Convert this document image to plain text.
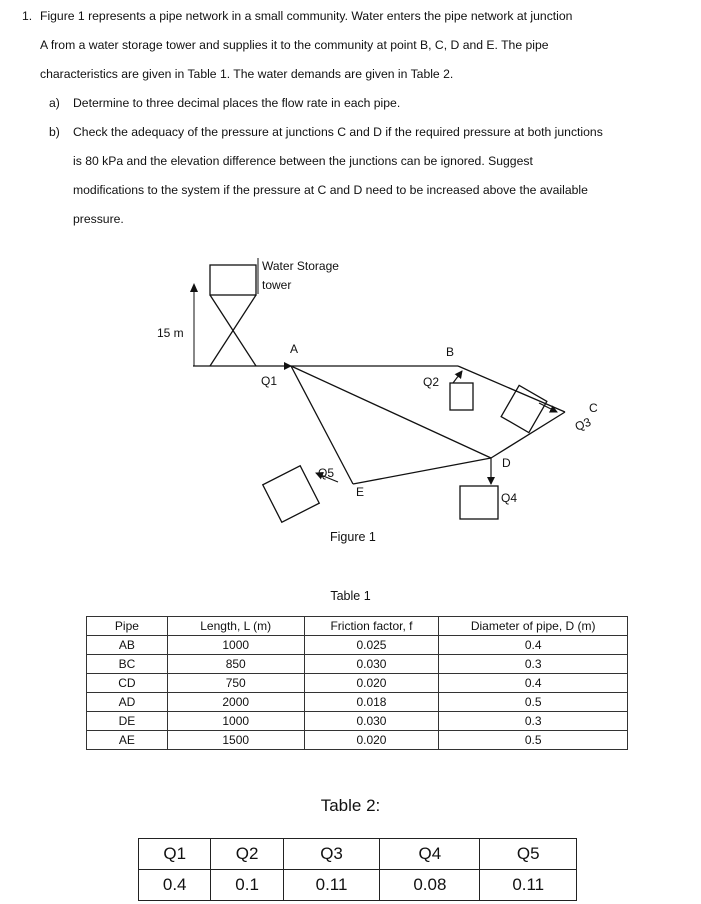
1. Figure 1 represents a pipe network in a small community. Water enters the pipe network at junction
A from a water storage tower and supplies it to the community at point B, C, D and E. The pipe
characteristics are given in Table 1. The water demands are given in Table 2.
a) Determine to three decimal places the flow rate in each pipe.
b) Check the adequacy of the pressure at junctions C and D if the required pressure at both junctions
is 80 kPa and the elevation difference between the junctions can be ignored. Suggest
modifications to the system if the pressure at C and D need to be increased above the available
pressure.
Water Storage
tower
15 m
A	B
C
D
E
Q1	Q2
Q3
Q4
Q5
Figure 1
Table 1
Pipe	Length, L (m)	Friction factor, f	Diameter of pipe, D (m)
AB	1000	0.025	0.4
BC	850	0.030	0.3
CD	750	0.020	0.4
AD	2000	0.018	0.5
DE	1000	0.030	0.3
AE	1500	0.020	0.5
Table 2:
Q1	Q2	Q3	Q4	Q5
0.4	0.1	0.11	0.08	0.11
